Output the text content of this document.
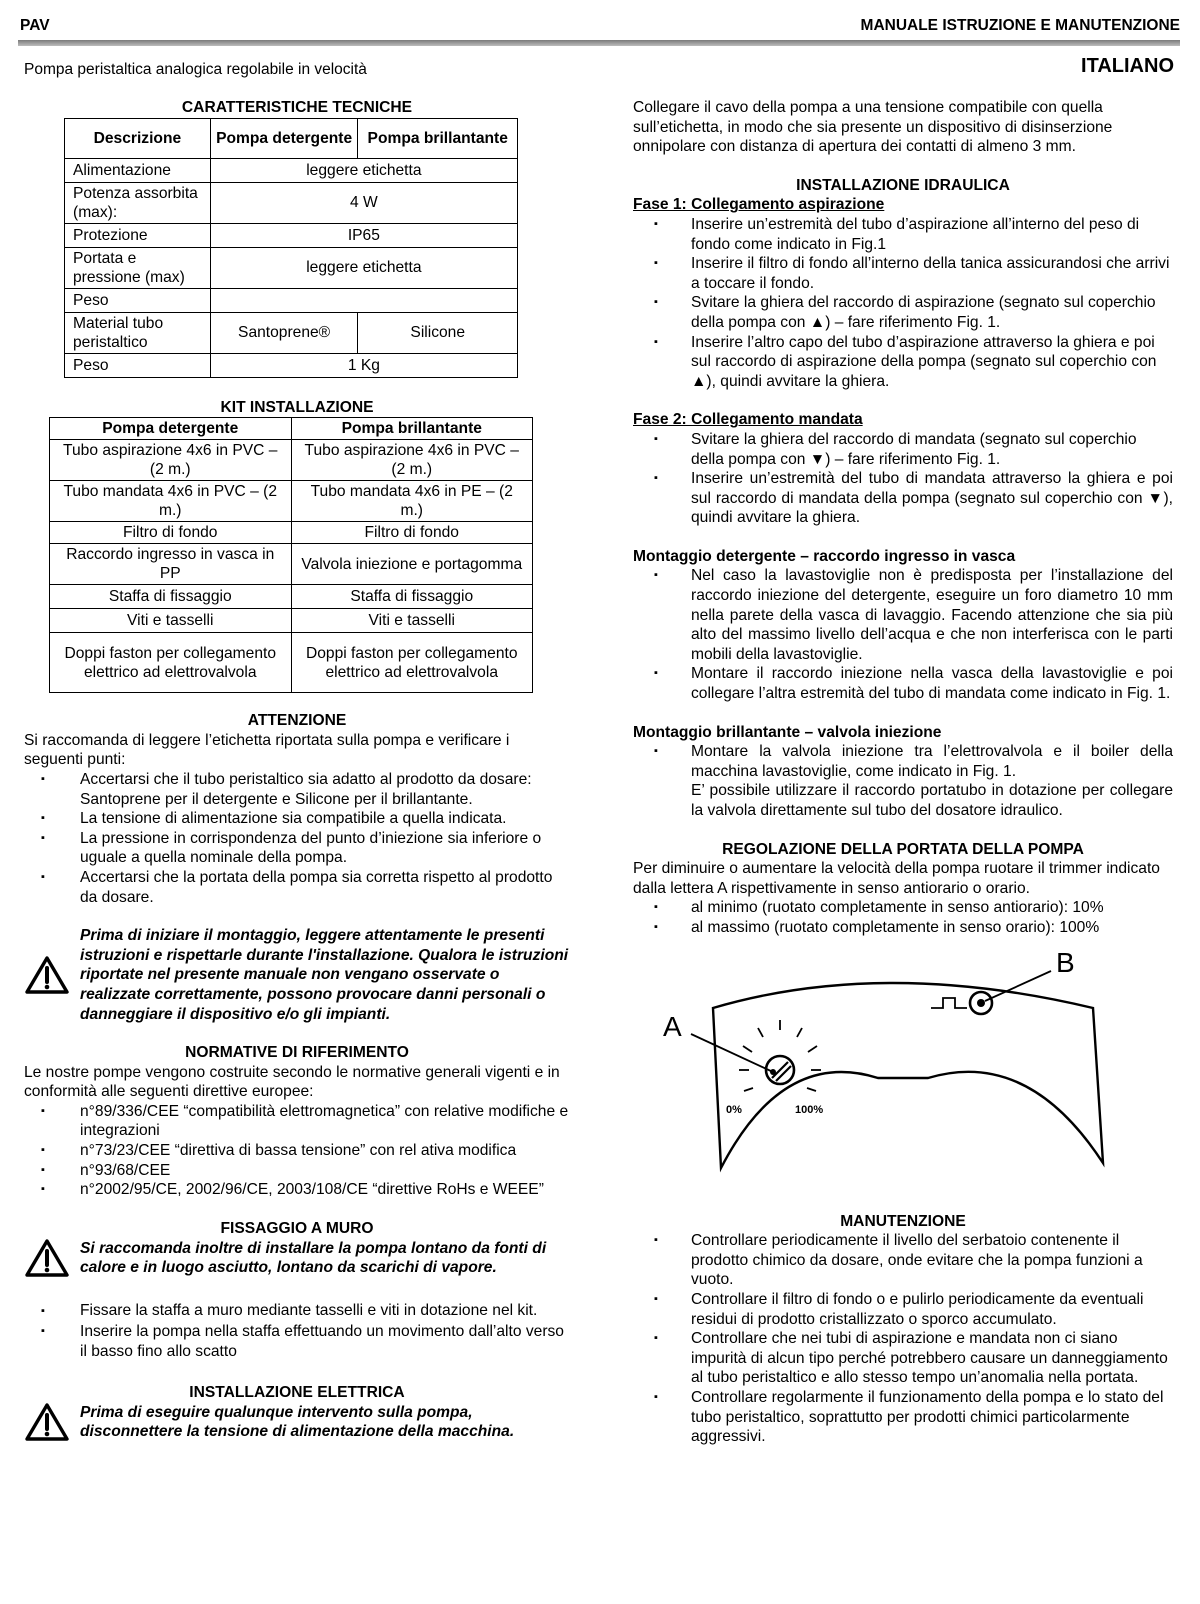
PAV	MANUALE ISTRUZIONE E MANUTENZIONE
Pompa peristaltica analogica regolabile in velocità	ITALIANO
CARATTERISTICHE TECNICHE
Descrizione	Pompa detergente	Pompa brillantante
Alimentazione	leggere etichetta	
Potenza assorbita (max):	4 W	
Protezione	IP65	
Portata e pressione (max)	leggere etichetta	
Peso		
Material tubo peristaltico	Santoprene®	Silicone
Peso	1 Kg	
KIT INSTALLAZIONE
Pompa detergente	Pompa brillantante
Tubo aspirazione 4x6 in PVC – (2 m.)	Tubo aspirazione 4x6 in PVC – (2 m.)
Tubo mandata 4x6 in PVC – (2 m.)	Tubo mandata 4x6 in PE – (2 m.)
Filtro di fondo	Filtro di fondo
Raccordo ingresso in vasca in PP	Valvola iniezione e portagomma
Staffa di fissaggio	Staffa di fissaggio
Viti e tasselli	Viti e tasselli
Doppi faston per collegamento elettrico ad elettrovalvola	Doppi faston per collegamento elettrico ad elettrovalvola
ATTENZIONE

Si raccomanda di leggere l’etichetta riportata sulla pompa e verificare i seguenti punti:

▪ Accertarsi che il tubo peristaltico sia adatto al prodotto da dosare: Santoprene per il detergente e Silicone per il brillantante.
▪ La tensione di alimentazione sia compatibile a quella indicata.
▪ La pressione in corrispondenza del punto d’iniezione sia inferiore o uguale a quella nominale della pompa.
▪ Accertarsi che la portata della pompa sia corretta rispetto al prodotto da dosare.
Prima di iniziare il montaggio, leggere attentamente le presenti istruzioni e rispettarle durante l'installazione. Qualora le istruzioni riportate nel presente manuale non vengano osservate o realizzate correttamente, possono provocare danni personali o danneggiare il dispositivo e/o gli impianti.
NORMATIVE DI RIFERIMENTO

Le nostre pompe vengono costruite secondo le normative generali vigenti e in conformità alle seguenti direttive europee:

▪ n°89/336/CEE “compatibilità elettromagnetica” con relative modifiche e integrazioni
▪ n°73/23/CEE “direttiva di bassa tensione” con rel ativa modifica
▪ n°93/68/CEE
▪ n°2002/95/CE, 2002/96/CE, 2003/108/CE “direttive RoHs e WEEE”
FISSAGGIO A MURO
Si raccomanda inoltre di installare la pompa lontano da fonti di calore e in luogo asciutto, lontano da scarichi di vapore.
▪ Fissare la staffa a muro mediante tasselli e viti in dotazione nel kit.
▪ Inserire la pompa nella staffa effettuando un movimento dall’alto verso il basso fino allo scatto
INSTALLAZIONE ELETTRICA
Prima di eseguire qualunque intervento sulla pompa, disconnettere la tensione di alimentazione della macchina.

Collegare il cavo della pompa a una tensione compatibile con quella sull’etichetta, in modo che sia presente un dispositivo di disinserzione onnipolare con distanza di apertura dei contatti di almeno 3 mm.

INSTALLAZIONE IDRAULICA
Fase 1: Collegamento aspirazione
▪ Inserire un’estremità del tubo d’aspirazione all’interno del peso di fondo come indicato in Fig.1
▪ Inserire il filtro di fondo all’interno della tanica assicurandosi che arrivi a toccare il fondo.
▪ Svitare la ghiera del raccordo di aspirazione (segnato sul coperchio della pompa con ▲) – fare riferimento Fig. 1.
▪ Inserire l’altro capo del tubo d’aspirazione attraverso la ghiera e poi sul raccordo di aspirazione della pompa (segnato sul coperchio con ▲), quindi avvitare la ghiera.
Fase 2: Collegamento mandata
▪ Svitare la ghiera del raccordo di mandata (segnato sul coperchio della pompa con ▼) – fare riferimento Fig. 1.
▪ Inserire un’estremità del tubo di mandata attraverso la ghiera e poi sul raccordo di mandata della pompa (segnato sul coperchio con ▼), quindi avvitare la ghiera.
Montaggio detergente – raccordo ingresso in vasca
▪ Nel caso la lavastoviglie non è predisposta per l’installazione del raccordo iniezione del detergente, eseguire un foro diametro 10 mm nella parete della vasca di lavaggio. Facendo attenzione che sia più alto del massimo livello dell’acqua e che non interferisca con le parti mobili della lavastoviglie.
▪ Montare il raccordo iniezione nella vasca della lavastoviglie e poi collegare l’altra estremità del tubo di mandata come indicato in Fig. 1.
Montaggio brillantante – valvola iniezione
▪ Montare la valvola iniezione tra l’elettrovalvola e il boiler della macchina lavastoviglie, come indicato in Fig. 1.
E’ possibile utilizzare il raccordo portatubo in dotazione per collegare la valvola direttamente sul tubo del dosatore idraulico.
REGOLAZIONE DELLA PORTATA DELLA POMPA

Per diminuire o aumentare la velocità della pompa ruotare il trimmer indicato dalla lettera A rispettivamente in senso antiorario o orario.

▪ al minimo (ruotato completamente in senso antiorario): 10%
▪ al massimo (ruotato completamente in senso orario): 100%
A
B
0%	100%
MANUTENZIONE
▪ Controllare periodicamente il livello del serbatoio contenente il prodotto chimico da dosare, onde evitare che la pompa funzioni a vuoto.
▪ Controllare il filtro di fondo o e pulirlo periodicamente da eventuali residui di prodotto cristallizzato o sporco accumulato.
▪ Controllare che nei tubi di aspirazione e mandata non ci siano impurità di alcun tipo perché potrebbero causare un danneggiamento al tubo peristaltico e allo stesso tempo un’anomalia nella portata.
▪ Controllare regolarmente il funzionamento della pompa e lo stato del tubo peristaltico, soprattutto per prodotti chimici particolarmente aggressivi.
